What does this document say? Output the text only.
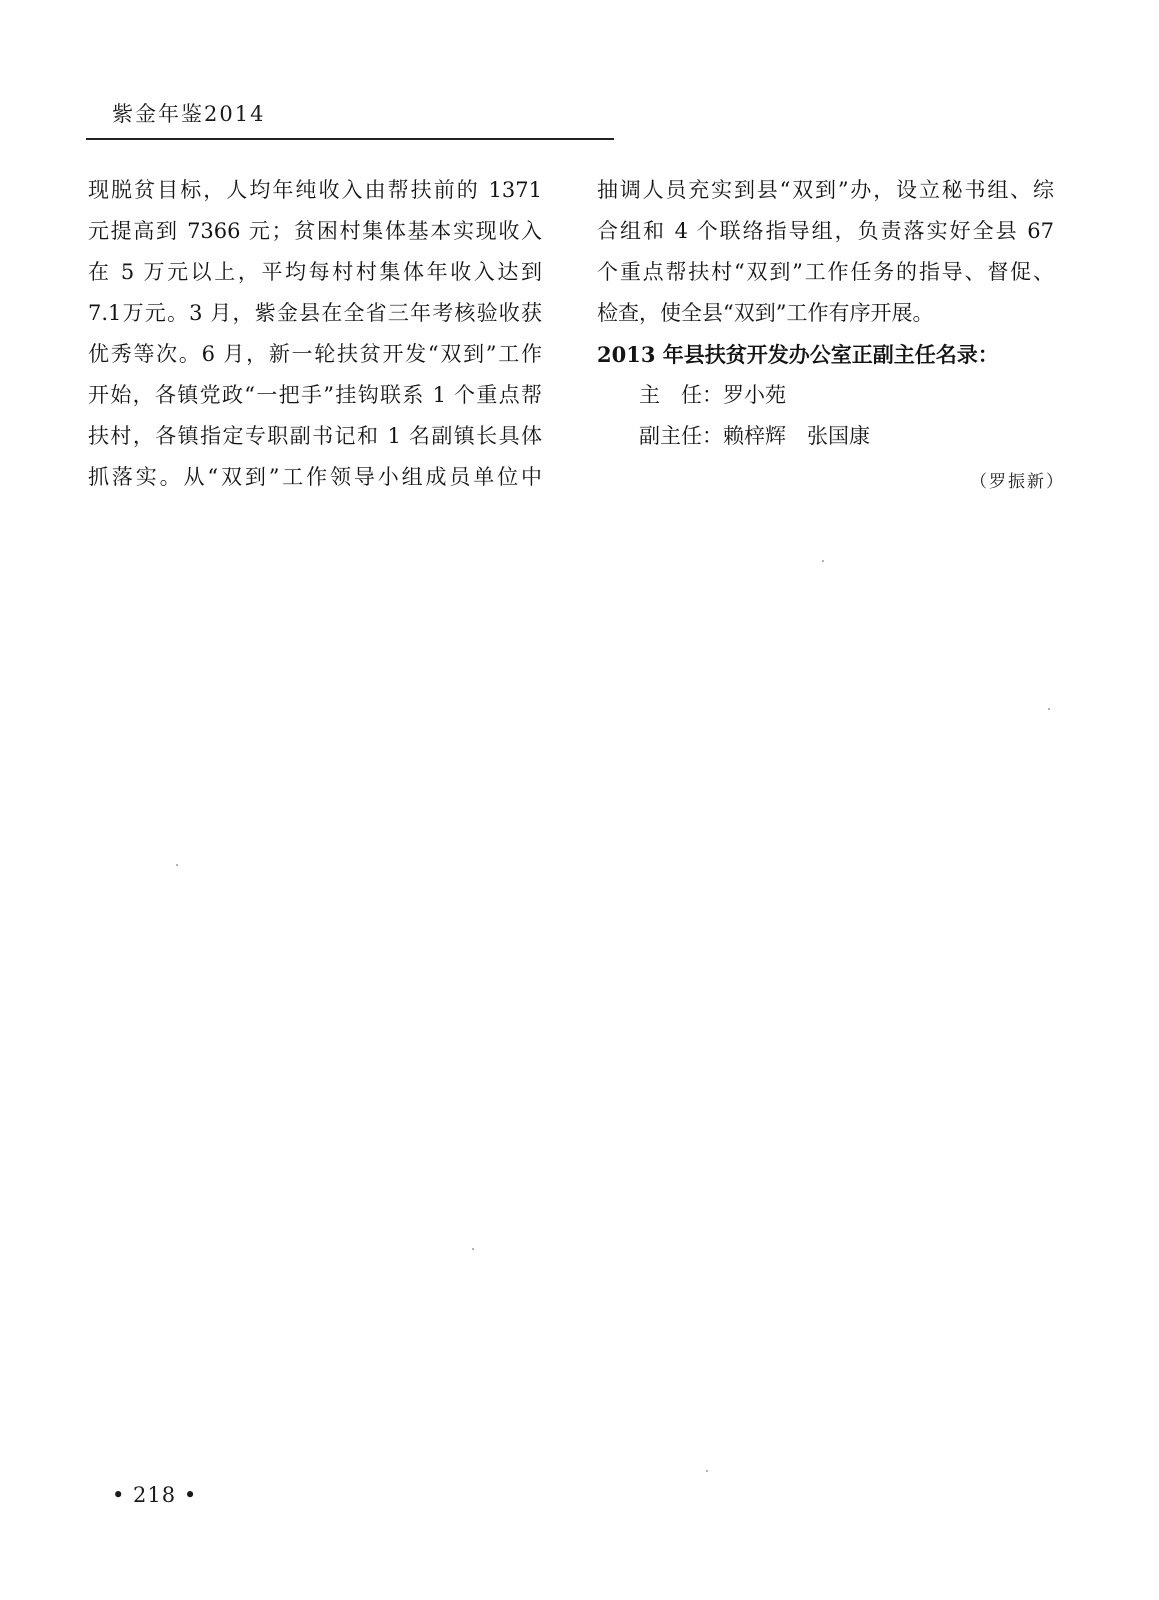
紫金年鉴2014

现脱贫目标，人均年纯收入由帮扶前的 1371

元提高到 7366 元；贫困村集体基本实现收入

在 5 万元以上，平均每村村集体年收入达到

7.1万元。3 月，紫金县在全省三年考核验收获

优秀等次。6 月，新一轮扶贫开发“双到”工作

开始，各镇党政“一把手”挂钩联系 1 个重点帮

扶村，各镇指定专职副书记和 1 名副镇长具体

抓落实。从“双到”工作领导小组成员单位中

抽调人员充实到县“双到”办，设立秘书组、综

合组和 4 个联络指导组，负责落实好全县 67

个重点帮扶村“双到”工作任务的指导、督促、

检查，使全县“双到”工作有序开展。

2013 年县扶贫开发办公室正副主任名录：

主　任：罗小苑

副主任：赖梓辉　张国康

（罗振新）
• 218 •
